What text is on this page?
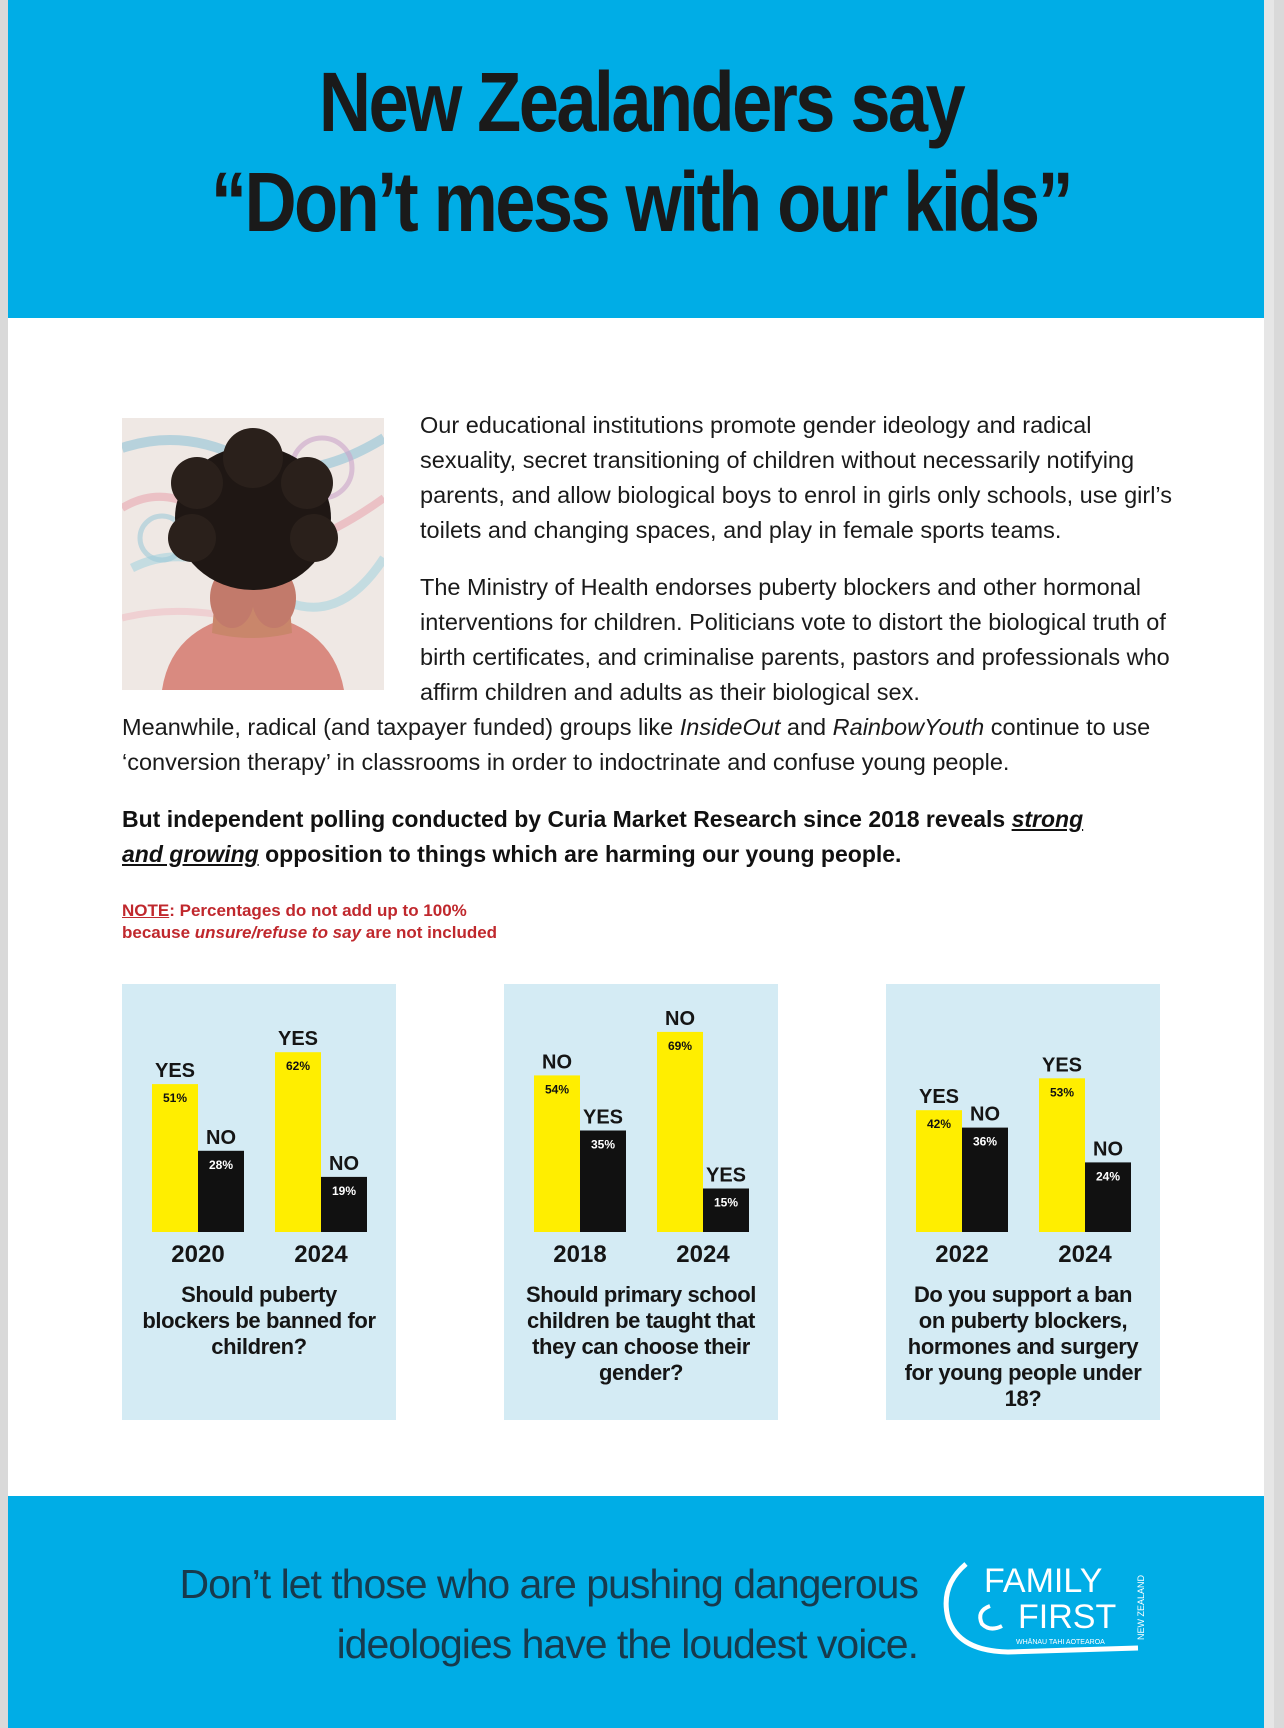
New Zealanders say
“Don’t mess with our kids”

Our educational institutions promote gender ideology and radical sexuality, secret transitioning of children without necessarily notifying parents, and allow biological boys to enrol in girls only schools, use girl’s toilets and changing spaces, and play in female sports teams.

The Ministry of Health endorses puberty blockers and other hormonal interventions for children. Politicians vote to distort the biological truth of birth certificates, and criminalise parents, pastors and professionals who affirm children and adults as their biological sex.

Meanwhile, radical (and taxpayer funded) groups like InsideOut and RainbowYouth continue to use ‘conversion therapy’ in classrooms in order to indoctrinate and confuse young people.

But independent polling conducted by Curia Market Research since 2018 reveals strong and growing opposition to things which are harming our young people.

NOTE: Percentages do not add up to 100%
because unsure/refuse to say are not included

51%
YES
28%
NO
2020
62%
YES
19%
NO
2024

Should puberty blockers be banned for children?

54%
NO
35%
YES
2018
69%
NO
15%
YES
2024

Should primary school children be taught that they can choose their gender?

42%
YES
36%
NO
2022
53%
YES
24%
NO
2024

Do you support a ban on puberty blockers, hormones and surgery for young people under 18?

Don’t let those who are pushing dangerous
ideologies have the loudest voice.

FAMILY
FIRST
WHĀNAU TAHI AOTEAROA
NEW ZEALAND
